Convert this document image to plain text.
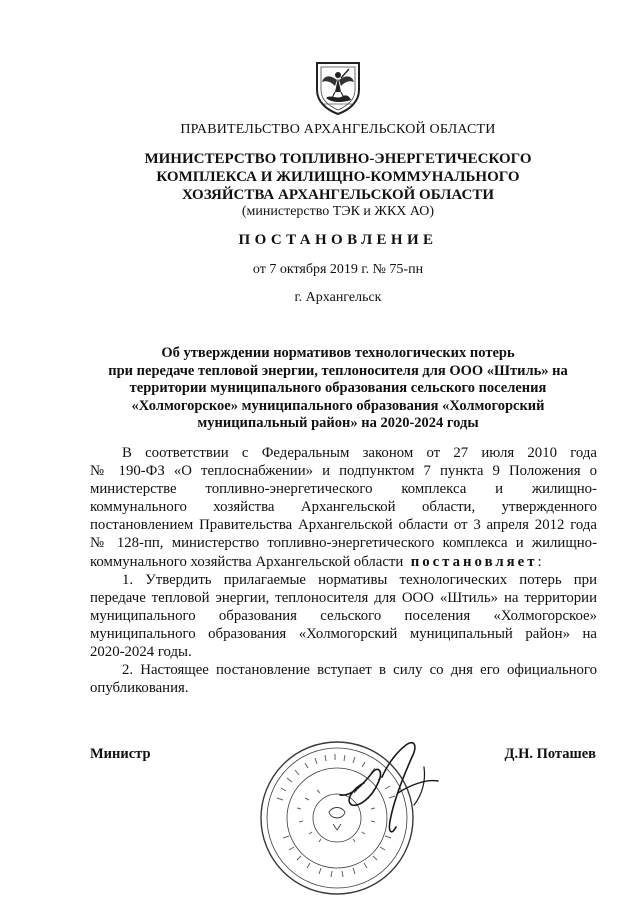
ПРАВИТЕЛЬСТВО АРХАНГЕЛЬСКОЙ ОБЛАСТИ
МИНИСТЕРСТВО ТОПЛИВНО-ЭНЕРГЕТИЧЕСКОГО
КОМПЛЕКСА И ЖИЛИЩНО-КОММУНАЛЬНОГО
ХОЗЯЙСТВА АРХАНГЕЛЬСКОЙ ОБЛАСТИ
(министерство ТЭК и ЖКХ АО)
ПОСТАНОВЛЕНИЕ
от 7 октября 2019 г. № 75-пн
г. Архангельск
Об утверждении нормативов технологических потерь
при передаче тепловой энергии, теплоносителя для ООО «Штиль» на
территории муниципального образования сельского поселения
«Холмогорское» муниципального образования «Холмогорский
муниципальный район» на 2020-2024 годы
В соответствии с Федеральным законом от 27 июля 2010 года
№ 190-ФЗ «О теплоснабжении» и подпунктом 7 пункта 9 Положения о
министерстве топливно-энергетического комплекса и жилищно-
коммунального хозяйства Архангельской области, утвержденного
постановлением Правительства Архангельской области от 3 апреля 2012 года
№ 128-пп, министерство топливно-энергетического комплекса и жилищно-
коммунального хозяйства Архангельской области постановляет:
1. Утвердить прилагаемые нормативы технологических потерь при
передаче тепловой энергии, теплоносителя для ООО «Штиль» на территории
муниципального образования сельского поселения «Холмогорское»
муниципального образования «Холмогорский муниципальный район» на
2020-2024 годы.
2. Настоящее постановление вступает в силу со дня его официального
опубликования.
Министр	Д.Н. Поташев
